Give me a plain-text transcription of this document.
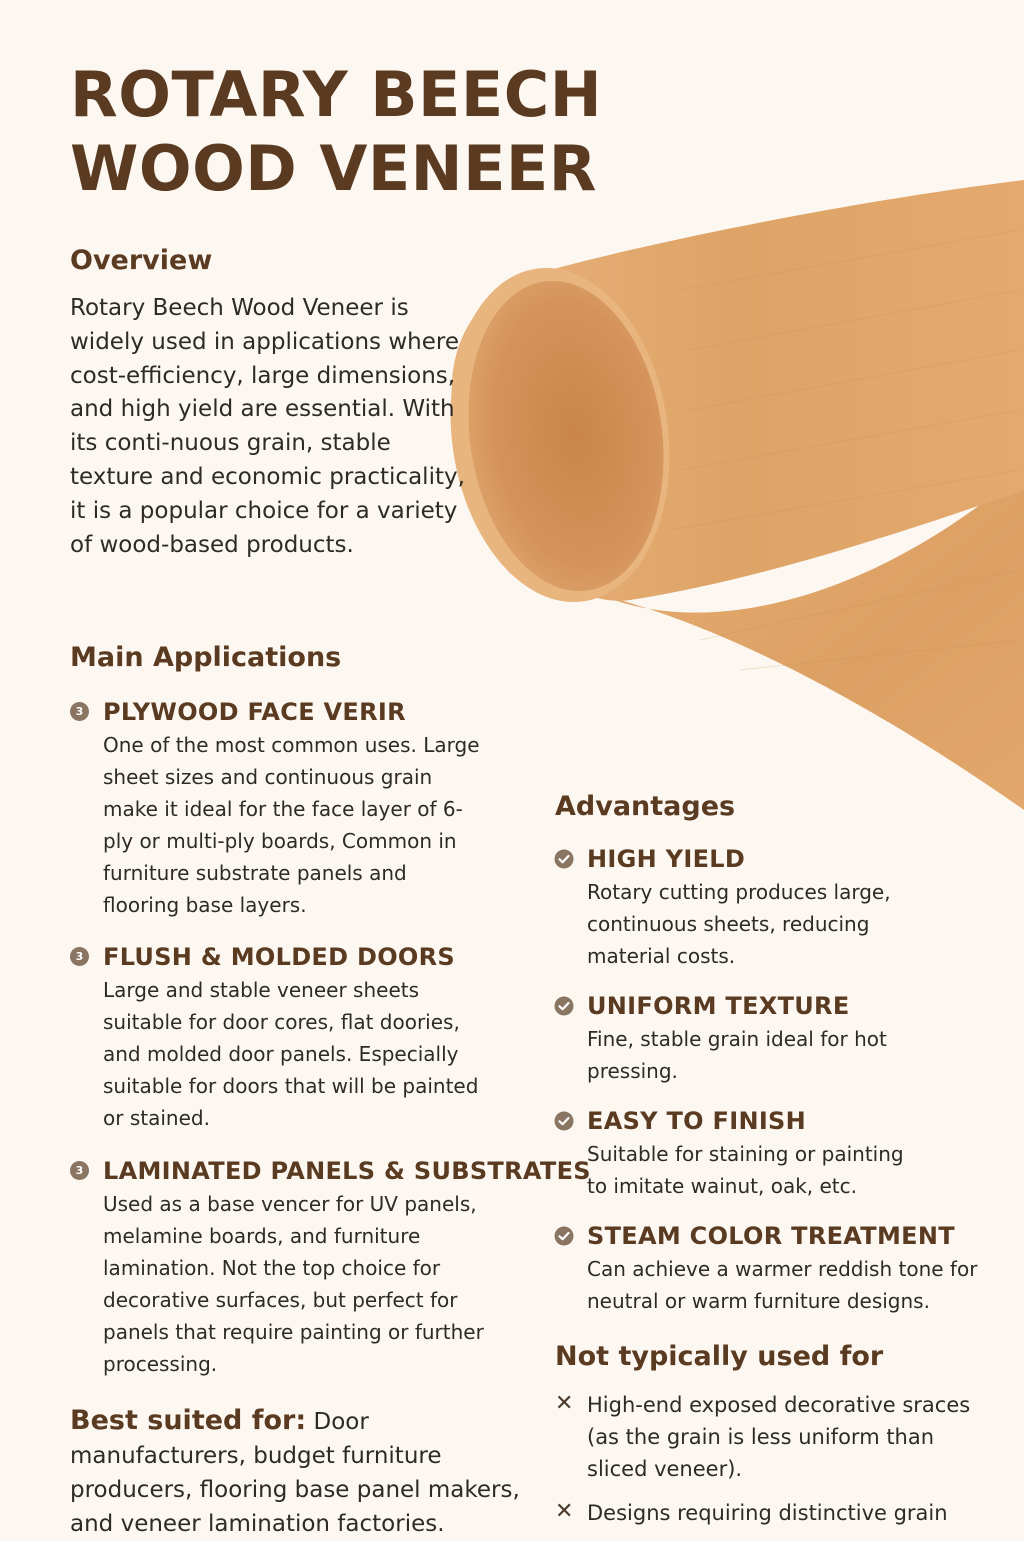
ROTARY BEECH
WOOD VENEER
Overview

Rotary Beech Wood Veneer is widely used in applications where cost-efficiency, large dimensions, and high yield are essential. With its conti-nuous grain, stable texture and economic practicality, it is a popular choice for a variety of wood-based products.

Main Applications
3 PLYWOOD FACE VERIR
One of the most common uses. Large sheet sizes and continuous grain make it ideal for the face layer of 6-ply or multi-ply boards, Common in furniture substrate panels and flooring base layers.
3 FLUSH & MOLDED DOORS
Large and stable veneer sheets suitable for door cores, flat doories, and molded door panels. Especially suitable for doors that will be painted or stained.
3 LAMINATED PANELS & SUBSTRATES
Used as a base vencer for UV panels, melamine boards, and furniture lamination. Not the top choice for decorative surfaces, but perfect for panels that require painting or further processing.

Best suited for: Door manufacturers, budget furniture producers, flooring base panel makers, and veneer lamination factories.

Advantages
HIGH YIELD
Rotary cutting produces large, continuous sheets, reducing material costs.
UNIFORM TEXTURE
Fine, stable grain ideal for hot pressing.
EASY TO FINISH
Suitable for staining or painting to imitate wainut, oak, etc.
STEAM COLOR TREATMENT
Can achieve a warmer reddish tone for neutral or warm furniture designs.
Not typically used for
✕ High-end exposed decorative sraces (as the grain is less uniform than sliced veneer).
✕ Designs requiring distinctive grain
